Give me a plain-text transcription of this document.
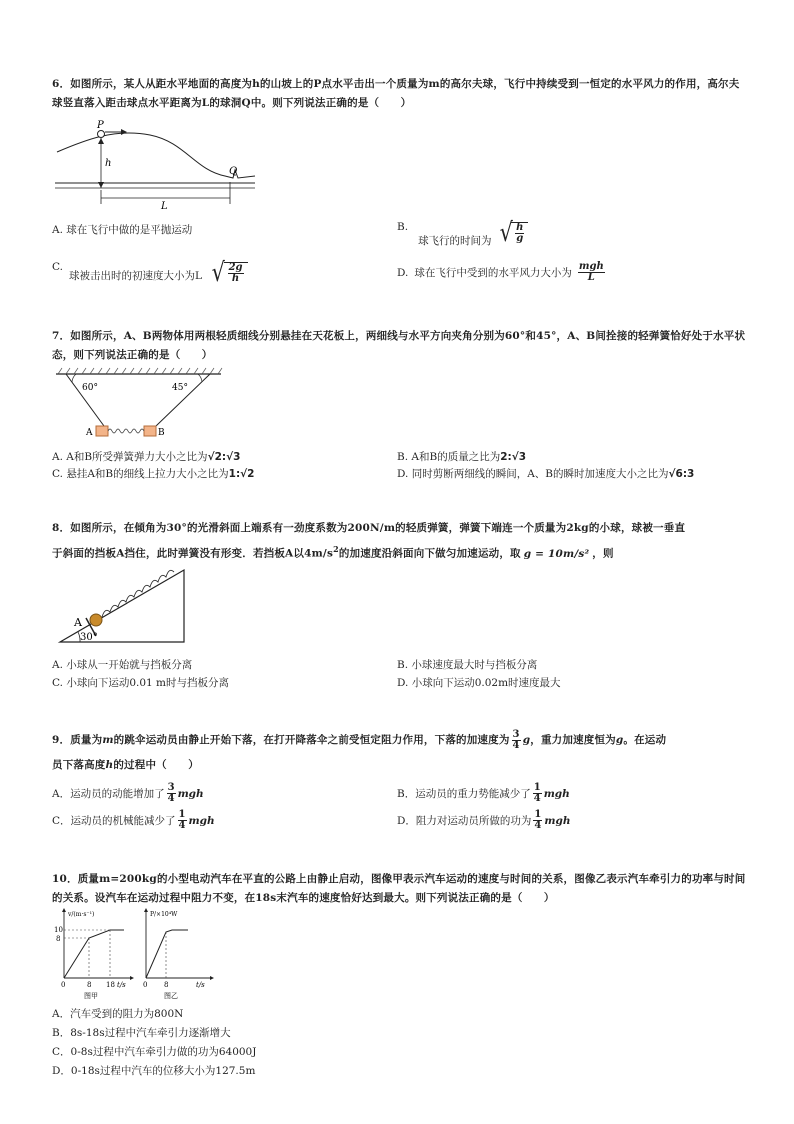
6．如图所示，某人从距水平地面的高度为h的山坡上的P点水平击出一个质量为m的高尔夫球，飞行中持续受到一恒定的水平风力的作用，高尔夫球竖直落入距击球点水平距离为L的球洞Q中。则下列说法正确的是（　　）
P
h
Q
L
A. 球在飞行中做的是平抛运动	B.
球飞行的时间为 √ $\frac{h}{g}$
C.
球被击出时的初速度大小为L √ $\frac{2g}{h}$	D. 球在飞行中受到的水平风力大小为 $\frac{\text{mgh}}{L}$
7．如图所示，A、B两物体用两根轻质细线分别悬挂在天花板上，两细线与水平方向夹角分别为60°和45°，A、B间拴接的轻弹簧恰好处于水平状态，则下列说法正确的是（　　）
60°	45°
A	B
A. A和B所受弹簧弹力大小之比为√2:√3	B. A和B的质量之比为2:√3
C. 悬挂A和B的细线上拉力大小之比为1:√2	D. 同时剪断两细线的瞬间，A、B的瞬时加速度大小之比为√6:3
8．如图所示，在倾角为30°的光滑斜面上端系有一劲度系数为200N/m的轻质弹簧，弹簧下端连一个质量为2kg的小球，球被一垂直
于斜面的挡板A挡住，此时弹簧没有形变．若挡板A以$4m/s^2$的加速度沿斜面向下做匀加速运动，取 g = 10m/s² ，则
A
30°
A. 小球从一开始就与挡板分离	B. 小球速度最大时与挡板分离
C. 小球向下运动0.01 m时与挡板分离	D. 小球向下运动0.02m时速度最大
9．质量为 m 的跳伞运动员由静止开始下落，在打开降落伞之前受恒定阻力作用，下落的加速度为 $\frac{3}{4}$ g ，重力加速度恒为 g 。在运动
员下落高度h的过程中（　　）
A．运动员的动能增加了 $\frac{3}{4}$ mgh	B．运动员的重力势能减少了 $\frac{1}{4}$ mgh
C．运动员的机械能减少了 $\frac{1}{4}$ mgh	D．阻力对运动员所做的功为 $\frac{1}{4}$ mgh
10．质量m=200kg的小型电动汽车在平直的公路上由静止启动，图像甲表示汽车运动的速度与时间的关系，图像乙表示汽车牵引力的功率与时间的关系。设汽车在运动过程中阻力不变，在18s末汽车的速度恰好达到最大。则下列说法正确的是（　　）
v/(m·s⁻¹)
10
8
0	8 18 t/s
图甲
P/×10⁴W
0 8	t/s
图乙
A．汽车受到的阻力为800N
B．8s-18s过程中汽车牵引力逐渐增大
C．0-8s过程中汽车牵引力做的功为64000J
D．0-18s过程中汽车的位移大小为127.5m
